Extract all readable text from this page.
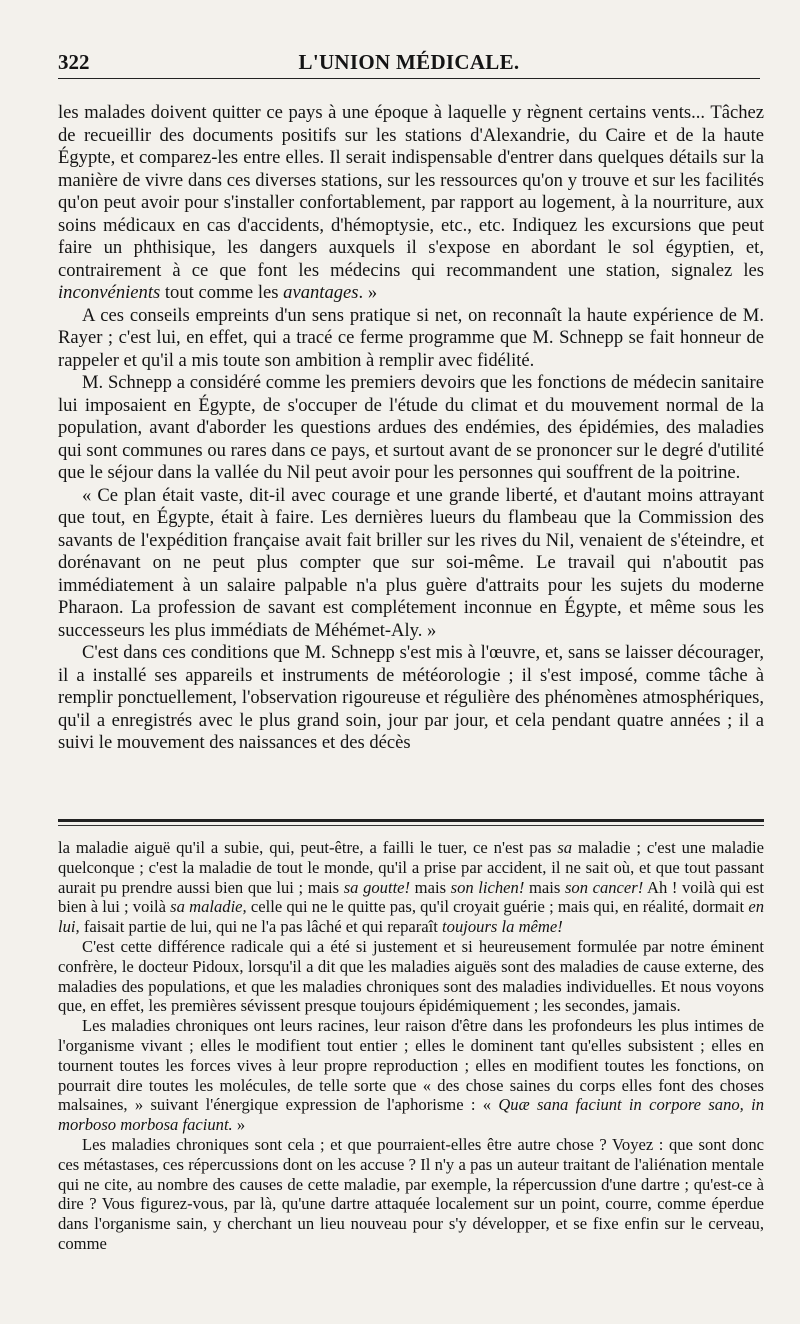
322	L'UNION MÉDICALE.

les malades doivent quitter ce pays à une époque à laquelle y règnent certains vents... Tâchez de recueillir des documents positifs sur les stations d'Alexandrie, du Caire et de la haute Égypte, et comparez-les entre elles. Il serait indispensable d'entrer dans quelques détails sur la manière de vivre dans ces diverses stations, sur les ressources qu'on y trouve et sur les facilités qu'on peut avoir pour s'installer confortablement, par rapport au logement, à la nourriture, aux soins médicaux en cas d'accidents, d'hémoptysie, etc., etc. Indiquez les excursions que peut faire un phthisique, les dangers auxquels il s'expose en abordant le sol égyptien, et, contrairement à ce que font les médecins qui recommandent une station, signalez les inconvénients tout comme les avantages. »

A ces conseils empreints d'un sens pratique si net, on reconnaît la haute expérience de M. Rayer ; c'est lui, en effet, qui a tracé ce ferme programme que M. Schnepp se fait honneur de rappeler et qu'il a mis toute son ambition à remplir avec fidélité.

M. Schnepp a considéré comme les premiers devoirs que les fonctions de médecin sanitaire lui imposaient en Égypte, de s'occuper de l'étude du climat et du mouvement normal de la population, avant d'aborder les questions ardues des endémies, des épidémies, des maladies qui sont communes ou rares dans ce pays, et surtout avant de se prononcer sur le degré d'utilité que le séjour dans la vallée du Nil peut avoir pour les personnes qui souffrent de la poitrine.

« Ce plan était vaste, dit-il avec courage et une grande liberté, et d'autant moins attrayant que tout, en Égypte, était à faire. Les dernières lueurs du flambeau que la Commission des savants de l'expédition française avait fait briller sur les rives du Nil, venaient de s'éteindre, et dorénavant on ne peut plus compter que sur soi-même. Le travail qui n'aboutit pas immédiatement à un salaire palpable n'a plus guère d'attraits pour les sujets du moderne Pharaon. La profession de savant est complétement inconnue en Égypte, et même sous les successeurs les plus immédiats de Méhémet-Aly. »

C'est dans ces conditions que M. Schnepp s'est mis à l'œuvre, et, sans se laisser décourager, il a installé ses appareils et instruments de météorologie ; il s'est imposé, comme tâche à remplir ponctuellement, l'observation rigoureuse et régulière des phénomènes atmosphériques, qu'il a enregistrés avec le plus grand soin, jour par jour, et cela pendant quatre années ; il a suivi le mouvement des naissances et des décès

la maladie aiguë qu'il a subie, qui, peut-être, a failli le tuer, ce n'est pas sa maladie ; c'est une maladie quelconque ; c'est la maladie de tout le monde, qu'il a prise par accident, il ne sait où, et que tout passant aurait pu prendre aussi bien que lui ; mais sa goutte! mais son lichen! mais son cancer! Ah ! voilà qui est bien à lui ; voilà sa maladie, celle qui ne le quitte pas, qu'il croyait guérie ; mais qui, en réalité, dormait en lui, faisait partie de lui, qui ne l'a pas lâché et qui reparaît toujours la même!

C'est cette différence radicale qui a été si justement et si heureusement formulée par notre éminent confrère, le docteur Pidoux, lorsqu'il a dit que les maladies aiguës sont des maladies de cause externe, des maladies des populations, et que les maladies chroniques sont des maladies individuelles. Et nous voyons que, en effet, les premières sévissent presque toujours épidémiquement ; les secondes, jamais.

Les maladies chroniques ont leurs racines, leur raison d'être dans les profondeurs les plus intimes de l'organisme vivant ; elles le modifient tout entier ; elles le dominent tant qu'elles subsistent ; elles en tournent toutes les forces vives à leur propre reproduction ; elles en modifient toutes les fonctions, on pourrait dire toutes les molécules, de telle sorte que « des chose saines du corps elles font des choses malsaines, » suivant l'énergique expression de l'aphorisme : « Quæ sana faciunt in corpore sano, in morboso morbosa faciunt. »

Les maladies chroniques sont cela ; et que pourraient-elles être autre chose ? Voyez : que sont donc ces métastases, ces répercussions dont on les accuse ? Il n'y a pas un auteur traitant de l'aliénation mentale qui ne cite, au nombre des causes de cette maladie, par exemple, la répercussion d'une dartre ; qu'est-ce à dire ? Vous figurez-vous, par là, qu'une dartre attaquée localement sur un point, courre, comme éperdue dans l'organisme sain, y cherchant un lieu nouveau pour s'y développer, et se fixe enfin sur le cerveau, comme
